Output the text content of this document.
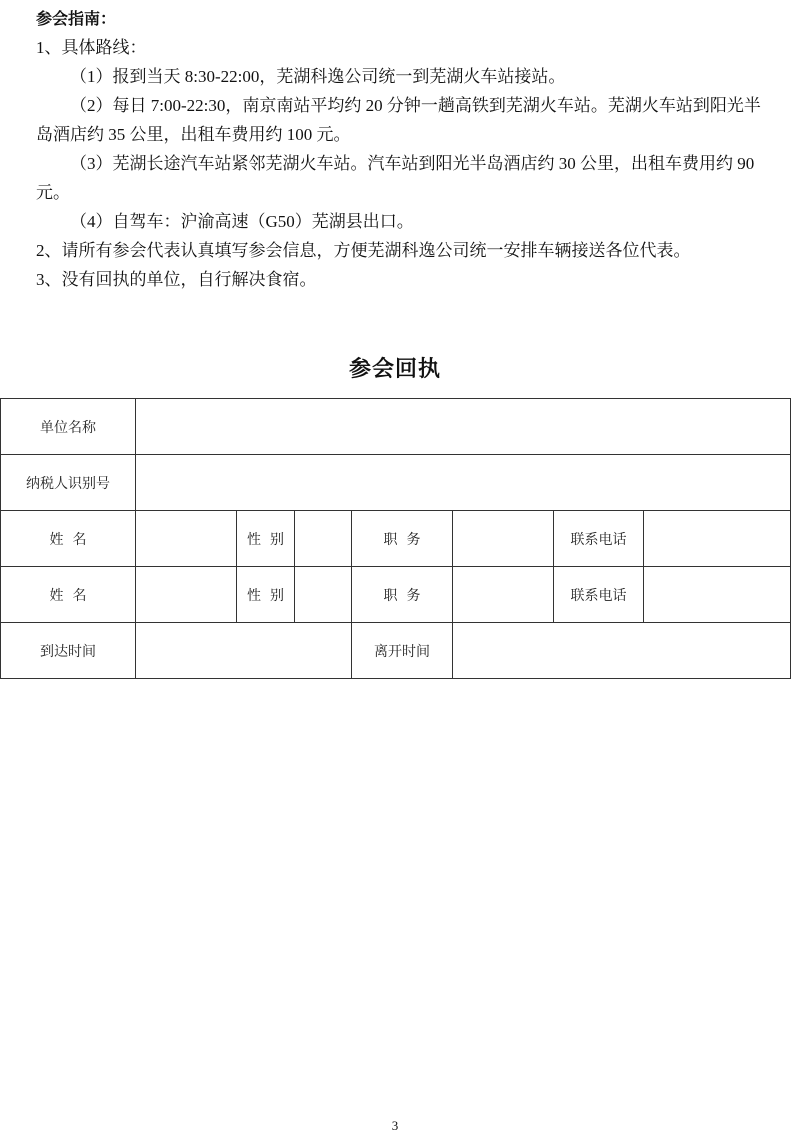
参会指南：

1、具体路线：

（1）报到当天 8:30-22:00，芜湖科逸公司统一到芜湖火车站接站。

（2）每日 7:00-22:30，南京南站平均约 20 分钟一趟高铁到芜湖火车站。芜湖火车站到阳光半岛酒店约 35 公里，出租车费用约 100 元。

（3）芜湖长途汽车站紧邻芜湖火车站。汽车站到阳光半岛酒店约 30 公里，出租车费用约 90 元。

（4）自驾车：沪渝高速（G50）芜湖县出口。

2、请所有参会代表认真填写参会信息，方便芜湖科逸公司统一安排车辆接送各位代表。

3、没有回执的单位，自行解决食宿。

参会回执
单位名称							
纳税人识别号							
姓  名		性  别		职  务		联系电话	
姓  名		性  别		职  务		联系电话	
到达时间				离开时间			
3
